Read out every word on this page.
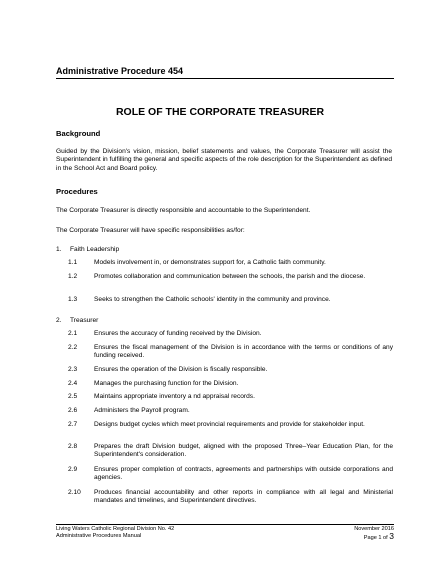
Administrative Procedure 454
ROLE OF THE CORPORATE TREASURER
Background
Guided by the Division's vision, mission, belief statements and values, the Corporate Treasurer will assist the Superintendent in fulfilling the general and specific aspects of the role description for the Superintendent as defined in the School Act and Board policy.
Procedures
The Corporate Treasurer is directly responsible and accountable to the Superintendent.
The Corporate Treasurer will have specific responsibilities as/for:
1. Faith Leadership
1.1	Models involvement in, or demonstrates support for, a Catholic faith community.
1.2	Promotes collaboration and communication between the schools, the parish and the diocese.
1.3	Seeks to strengthen the Catholic schools' identity in the community and province.
2. Treasurer
2.1	Ensures the accuracy of funding received by the Division.
2.2	Ensures the fiscal management of the Division is in accordance with the terms or conditions of any funding received.
2.3	Ensures the operation of the Division is fiscally responsible.
2.4	Manages the purchasing function for the Division.
2.5	Maintains appropriate inventory a nd appraisal records.
2.6	Administers the Payroll program.
2.7	Designs budget cycles which meet provincial requirements and provide for stakeholder input.
2.8	Prepares the draft Division budget, aligned with the proposed Three–Year Education Plan, for the Superintendent's consideration.
2.9	Ensures proper completion of contracts, agreements and partnerships with outside corporations and agencies.
2.10 Produces financial accountability and other reports in compliance with all legal and Ministerial mandates and timelines, and Superintendent directives.
Living Waters Catholic Regional Division No. 42	November 2016
Administrative Procedures Manual	Page 1 of 3
